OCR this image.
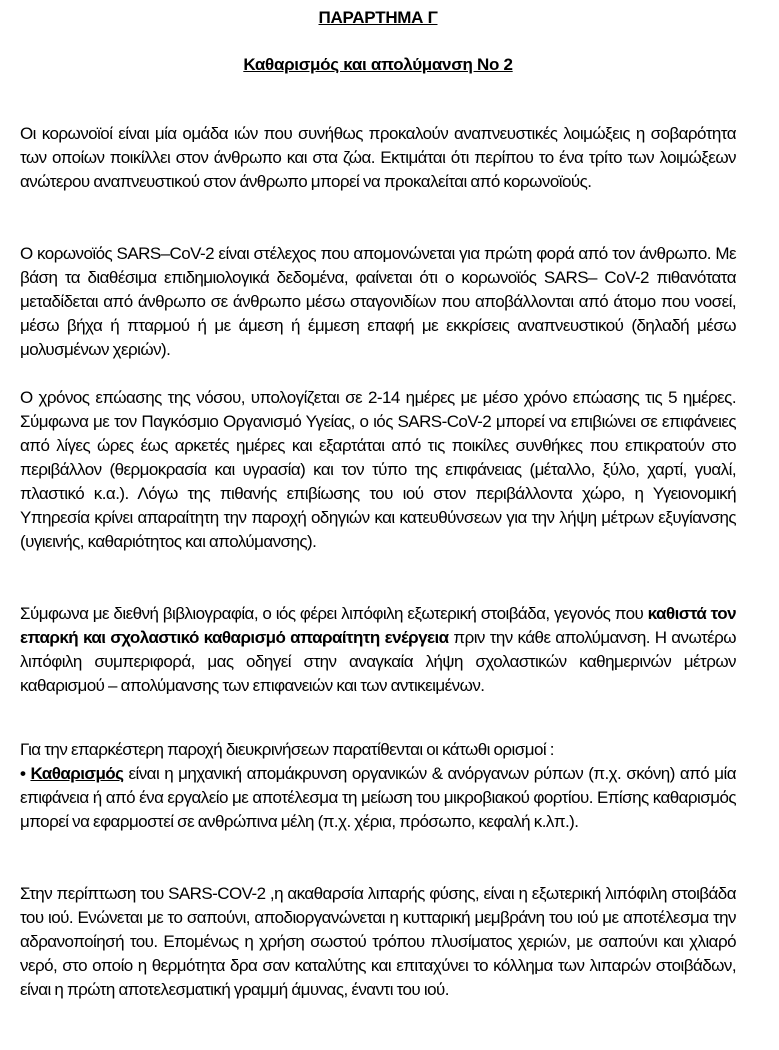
ΠΑΡΑΡΤΗΜΑ Γ
Καθαρισμός και απολύμανση Νο 2

Οι κορωνοϊοί είναι μία ομάδα ιών που συνήθως προκαλούν αναπνευστικές λοιμώξεις η σοβαρότητα των οποίων ποικίλλει στον άνθρωπο και στα ζώα. Εκτιμάται ότι περίπου το ένα τρίτο των λοιμώξεων ανώτερου αναπνευστικού στον άνθρωπο μπορεί να προκαλείται από κορωνοϊούς.

Ο κορωνοϊός SARS–CoV-2 είναι στέλεχος που απομονώνεται για πρώτη φορά από τον άνθρωπο. Με βάση τα διαθέσιμα επιδημιολογικά δεδομένα, φαίνεται ότι ο κορωνοϊός SARS– CoV-2 πιθανότατα μεταδίδεται από άνθρωπο σε άνθρωπο μέσω σταγονιδίων που αποβάλλονται από άτομο που νοσεί, μέσω βήχα ή πταρμού ή με άμεση ή έμμεση επαφή με εκκρίσεις αναπνευστικού (δηλαδή μέσω μολυσμένων χεριών).

Ο χρόνος επώασης της νόσου, υπολογίζεται σε 2-14 ημέρες με μέσο χρόνο επώασης τις 5 ημέρες. Σύμφωνα με τον Παγκόσμιο Οργανισμό Υγείας, ο ιός SARS-CoV-2 μπορεί να επιβιώνει σε επιφάνειες από λίγες ώρες έως αρκετές ημέρες και εξαρτάται από τις ποικίλες συνθήκες που επικρατούν στο περιβάλλον (θερμοκρασία και υγρασία) και τον τύπο της επιφάνειας (μέταλλο, ξύλο, χαρτί, γυαλί, πλαστικό κ.α.). Λόγω της πιθανής επιβίωσης του ιού στον περιβάλλοντα χώρο, η Υγειονομική Υπηρεσία κρίνει απαραίτητη την παροχή οδηγιών και κατευθύνσεων για την λήψη μέτρων εξυγίανσης (υγιεινής, καθαριότητος και απολύμανσης).

Σύμφωνα με διεθνή βιβλιογραφία, ο ιός φέρει λιπόφιλη εξωτερική στοιβάδα, γεγονός που καθιστά τον επαρκή και σχολαστικό καθαρισμό απαραίτητη ενέργεια πριν την κάθε απολύμανση. Η ανωτέρω λιπόφιλη συμπεριφορά, μας οδηγεί στην αναγκαία λήψη σχολαστικών καθημερινών μέτρων καθαρισμού – απολύμανσης των επιφανειών και των αντικειμένων.

Για την επαρκέστερη παροχή διευκρινήσεων παρατίθενται οι κάτωθι ορισμοί :
• Καθαρισμός είναι η μηχανική απομάκρυνση οργανικών & ανόργανων ρύπων (π.χ. σκόνη) από μία επιφάνεια ή από ένα εργαλείο με αποτέλεσμα τη μείωση του μικροβιακού φορτίου. Επίσης καθαρισμός μπορεί να εφαρμοστεί σε ανθρώπινα μέλη (π.χ. χέρια, πρόσωπο, κεφαλή κ.λπ.).

Στην περίπτωση του SARS-COV-2 ,η ακαθαρσία λιπαρής φύσης, είναι η εξωτερική λιπόφιλη στοιβάδα του ιού. Ενώνεται με το σαπούνι, αποδιοργανώνεται η κυτταρική μεμβράνη του ιού με αποτέλεσμα την αδρανοποίησή του. Επομένως η χρήση σωστού τρόπου πλυσίματος χεριών, με σαπούνι και χλιαρό νερό, στο οποίο η θερμότητα δρα σαν καταλύτης και επιταχύνει το κόλλημα των λιπαρών στοιβάδων, είναι η πρώτη αποτελεσματική γραμμή άμυνας, έναντι του ιού.
